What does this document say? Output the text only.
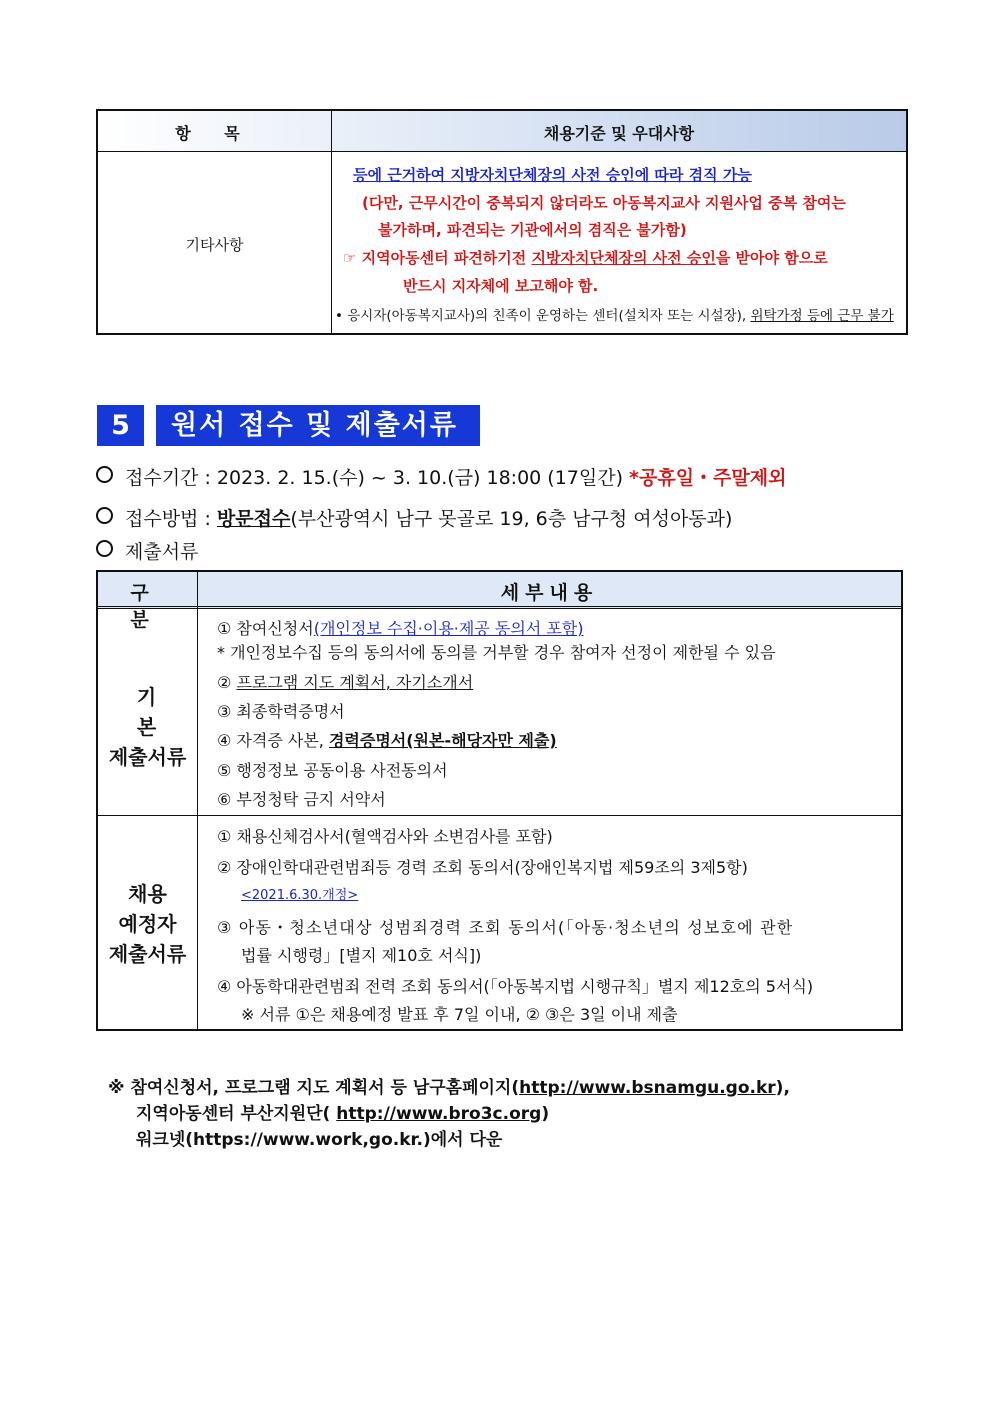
항 목	채용기준 및 우대사항
기타사항
등에 근거하여 지방자치단체장의 사전 승인에 따라 겸직 가능
(다만, 근무시간이 중복되지 않더라도 아동복지교사 지원사업 중복 참여는
불가하며, 파견되는 기관에서의 겸직은 불가함)
☞ 지역아동센터 파견하기전 지방자치단체장의 사전 승인을 받아야 함으로
반드시 지자체에 보고해야 함.
• 응시자(아동복지교사)의 친족이 운영하는 센터(설치자 또는 시설장), 위탁가정 등에 근무 불가
5	원서 접수 및 제출서류
접수기간 : 2023. 2. 15.(수) ~ 3. 10.(금) 18:00 (17일간) *공휴일・주말제외
접수방법 : 방문접수(부산광역시 남구 못골로 19, 6층 남구청 여성아동과)
제출서류
구 분
세부내용
기 본
제출서류
① 참여신청서(개인정보 수집·이용·제공 동의서 포함)
* 개인정보수집 등의 동의서에 동의를 거부할 경우 참여자 선정이 제한될 수 있음
② 프로그램 지도 계획서, 자기소개서
③ 최종학력증명서
④ 자격증 사본, 경력증명서(원본-해당자만 제출)
⑤ 행정정보 공동이용 사전동의서
⑥ 부정청탁 금지 서약서
채용
예정자
제출서류
① 채용신체검사서(혈액검사와 소변검사를 포함)
② 장애인학대관련범죄등 경력 조회 동의서(장애인복지법 제59조의 3제5항)
<2021.6.30.개정>
③ 아동・청소년대상 성범죄경력 조회 동의서(「아동·청소년의 성보호에 관한
법률 시행령」[별지 제10호 서식])
④ 아동학대관련범죄 전력 조회 동의서(「아동복지법 시행규칙」별지 제12호의 5서식)
※ 서류 ①은 채용예정 발표 후 7일 이내, ② ③은 3일 이내 제출
※ 참여신청서, 프로그램 지도 계획서 등 남구홈페이지(http://www.bsnamgu.go.kr),
지역아동센터 부산지원단( http://www.bro3c.org)
워크넷(https://www.work,go.kr.)에서 다운
